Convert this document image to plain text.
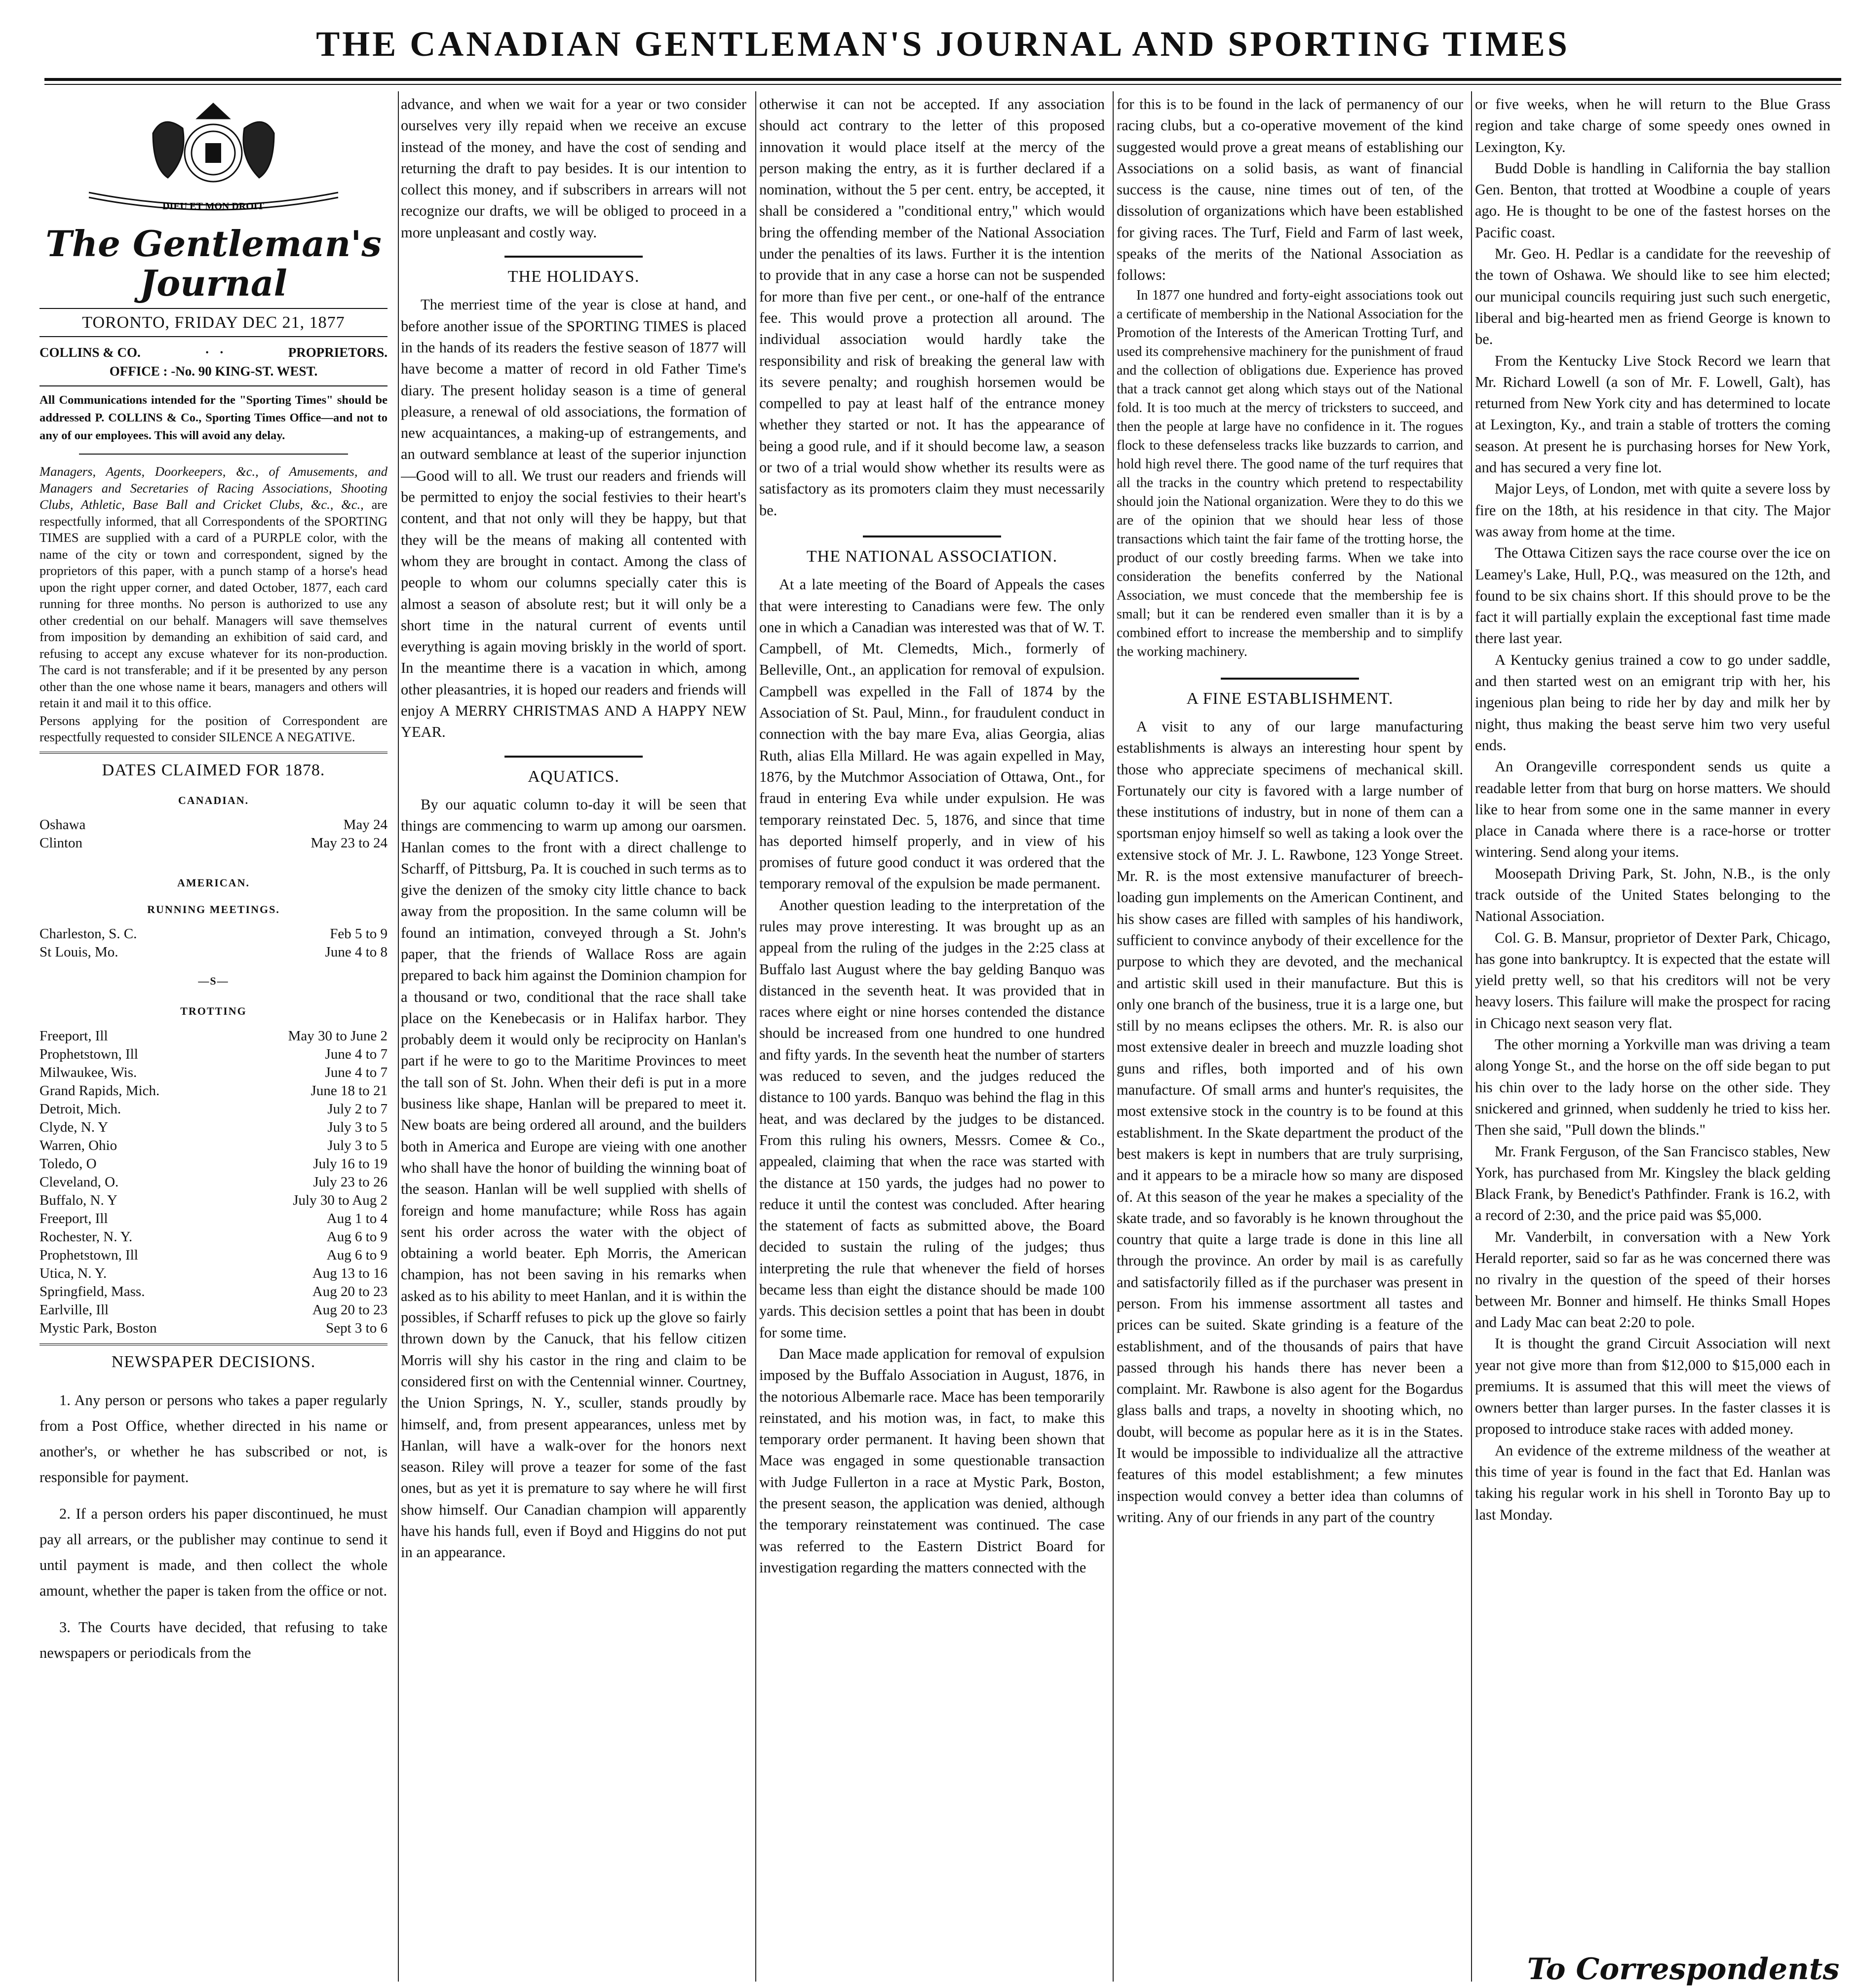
THE CANADIAN GENTLEMAN'S JOURNAL AND SPORTING TIMES
DIEU ET MON DROIT
The Gentleman's Journal
TORONTO, FRIDAY DEC 21, 1877
COLLINS & CO.	·   ·	PROPRIETORS.
OFFICE : -No. 90 KING-ST. WEST.
All Communications intended for the "Sporting Times" should be addressed P. COLLINS & Co., Sporting Times Office—and not to any of our employees. This will avoid any delay.
Managers, Agents, Doorkeepers, &c., of Amusements, and Managers and Secretaries of Racing Associations, Shooting Clubs, Athletic, Base Ball and Cricket Clubs, &c., &c., are respectfully informed, that all Correspondents of the SPORTING TIMES are supplied with a card of a PURPLE color, with the name of the city or town and correspondent, signed by the proprietors of this paper, with a punch stamp of a horse's head upon the right upper corner, and dated October, 1877, each card running for three months. No person is authorized to use any other credential on our behalf. Managers will save themselves from imposition by demanding an exhibition of said card, and refusing to accept any excuse whatever for its non-production. The card is not transferable; and if it be presented by any person other than the one whose name it bears, managers and others will retain it and mail it to this office.
Persons applying for the position of Correspondent are respectfully requested to consider SILENCE A NEGATIVE.
DATES CLAIMED FOR 1878.
CANADIAN.
Oshawa	May 24
Clinton	May 23 to 24
AMERICAN.
RUNNING MEETINGS.
Charleston, S. C.	Feb 5 to 9
St Louis, Mo.	June 4 to 8
—S—
TROTTING
Freeport, Ill	May 30 to June 2
Prophetstown, Ill	June 4 to 7
Milwaukee, Wis.	June 4 to 7
Grand Rapids, Mich.	June 18 to 21
Detroit, Mich.	July 2 to 7
Clyde, N. Y	July 3 to 5
Warren, Ohio	July 3 to 5
Toledo, O	July 16 to 19
Cleveland, O.	July 23 to 26
Buffalo, N. Y	July 30 to Aug 2
Freeport, Ill	Aug 1 to 4
Rochester, N. Y.	Aug 6 to 9
Prophetstown, Ill	Aug 6 to 9
Utica, N. Y.	Aug 13 to 16
Springfield, Mass.	Aug 20 to 23
Earlville, Ill	Aug 20 to 23
Mystic Park, Boston	Sept 3 to 6
NEWSPAPER DECISIONS.

1. Any person or persons who takes a paper regularly from a Post Office, whether directed in his name or another's, or whether he has subscribed or not, is responsible for payment.

2. If a person orders his paper discontinued, he must pay all arrears, or the publisher may continue to send it until payment is made, and then collect the whole amount, whether the paper is taken from the office or not.

3. The Courts have decided, that refusing to take newspapers or periodicals from the

advance, and when we wait for a year or two consider ourselves very illy repaid when we receive an excuse instead of the money, and have the cost of sending and returning the draft to pay besides. It is our intention to collect this money, and if subscribers in arrears will not recognize our drafts, we will be obliged to proceed in a more unpleasant and costly way.

THE HOLIDAYS.

The merriest time of the year is close at hand, and before another issue of the SPORTING TIMES is placed in the hands of its readers the festive season of 1877 will have become a matter of record in old Father Time's diary. The present holiday season is a time of general pleasure, a renewal of old associations, the formation of new acquaintances, a making-up of estrangements, and an outward semblance at least of the superior injunction—Good will to all. We trust our readers and friends will be permitted to enjoy the social festivies to their heart's content, and that not only will they be happy, but that they will be the means of making all contented with whom they are brought in contact. Among the class of people to whom our columns specially cater this is almost a season of absolute rest; but it will only be a short time in the natural current of events until everything is again moving briskly in the world of sport. In the meantime there is a vacation in which, among other pleasantries, it is hoped our readers and friends will enjoy A MERRY CHRISTMAS AND A HAPPY NEW YEAR.

AQUATICS.

By our aquatic column to-day it will be seen that things are commencing to warm up among our oarsmen. Hanlan comes to the front with a direct challenge to Scharff, of Pittsburg, Pa. It is couched in such terms as to give the denizen of the smoky city little chance to back away from the proposition. In the same column will be found an intimation, conveyed through a St. John's paper, that the friends of Wallace Ross are again prepared to back him against the Dominion champion for a thousand or two, conditional that the race shall take place on the Kenebecasis or in Halifax harbor. They probably deem it would only be reciprocity on Hanlan's part if he were to go to the Maritime Provinces to meet the tall son of St. John. When their defi is put in a more business like shape, Hanlan will be prepared to meet it. New boats are being ordered all around, and the builders both in America and Europe are vieing with one another who shall have the honor of building the winning boat of the season. Hanlan will be well supplied with shells of foreign and home manufacture; while Ross has again sent his order across the water with the object of obtaining a world beater. Eph Morris, the American champion, has not been saving in his remarks when asked as to his ability to meet Hanlan, and it is within the possibles, if Scharff refuses to pick up the glove so fairly thrown down by the Canuck, that his fellow citizen Morris will shy his castor in the ring and claim to be considered first on with the Centennial winner. Courtney, the Union Springs, N. Y., sculler, stands proudly by himself, and, from present appearances, unless met by Hanlan, will have a walk-over for the honors next season. Riley will prove a teazer for some of the fast ones, but as yet it is premature to say where he will first show himself. Our Canadian champion will apparently have his hands full, even if Boyd and Higgins do not put in an appearance.

otherwise it can not be accepted. If any association should act contrary to the letter of this proposed innovation it would place itself at the mercy of the person making the entry, as it is further declared if a nomination, without the 5 per cent. entry, be accepted, it shall be considered a "conditional entry," which would bring the offending member of the National Association under the penalties of its laws. Further it is the intention to provide that in any case a horse can not be suspended for more than five per cent., or one-half of the entrance fee. This would prove a protection all around. The individual association would hardly take the responsibility and risk of breaking the general law with its severe penalty; and roughish horsemen would be compelled to pay at least half of the entrance money whether they started or not. It has the appearance of being a good rule, and if it should become law, a season or two of a trial would show whether its results were as satisfactory as its promoters claim they must necessarily be.

THE NATIONAL ASSOCIATION.

At a late meeting of the Board of Appeals the cases that were interesting to Canadians were few. The only one in which a Canadian was interested was that of W. T. Campbell, of Mt. Clemedts, Mich., formerly of Belleville, Ont., an application for removal of expulsion. Campbell was expelled in the Fall of 1874 by the Association of St. Paul, Minn., for fraudulent conduct in connection with the bay mare Eva, alias Georgia, alias Ruth, alias Ella Millard. He was again expelled in May, 1876, by the Mutchmor Association of Ottawa, Ont., for fraud in entering Eva while under expulsion. He was temporary reinstated Dec. 5, 1876, and since that time has deported himself properly, and in view of his promises of future good conduct it was ordered that the temporary removal of the expulsion be made permanent.

Another question leading to the interpretation of the rules may prove interesting. It was brought up as an appeal from the ruling of the judges in the 2:25 class at Buffalo last August where the bay gelding Banquo was distanced in the seventh heat. It was provided that in races where eight or nine horses contended the distance should be increased from one hundred to one hundred and fifty yards. In the seventh heat the number of starters was reduced to seven, and the judges reduced the distance to 100 yards. Banquo was behind the flag in this heat, and was declared by the judges to be distanced. From this ruling his owners, Messrs. Comee & Co., appealed, claiming that when the race was started with the distance at 150 yards, the judges had no power to reduce it until the contest was concluded. After hearing the statement of facts as submitted above, the Board decided to sustain the ruling of the judges; thus interpreting the rule that whenever the field of horses became less than eight the distance should be made 100 yards. This decision settles a point that has been in doubt for some time.

Dan Mace made application for removal of expulsion imposed by the Buffalo Association in August, 1876, in the notorious Albemarle race. Mace has been temporarily reinstated, and his motion was, in fact, to make this temporary order permanent. It having been shown that Mace was engaged in some questionable transaction with Judge Fullerton in a race at Mystic Park, Boston, the present season, the application was denied, although the temporary reinstatement was continued. The case was referred to the Eastern District Board for investigation regarding the matters connected with the

for this is to be found in the lack of permanency of our racing clubs, but a co-operative movement of the kind suggested would prove a great means of establishing our Associations on a solid basis, as want of financial success is the cause, nine times out of ten, of the dissolution of organizations which have been established for giving races. The Turf, Field and Farm of last week, speaks of the merits of the National Association as follows:

In 1877 one hundred and forty-eight associations took out a certificate of membership in the National Association for the Promotion of the Interests of the American Trotting Turf, and used its comprehensive machinery for the punishment of fraud and the collection of obligations due. Experience has proved that a track cannot get along which stays out of the National fold. It is too much at the mercy of tricksters to succeed, and then the people at large have no confidence in it. The rogues flock to these defenseless tracks like buzzards to carrion, and hold high revel there. The good name of the turf requires that all the tracks in the country which pretend to respectability should join the National organization. Were they to do this we are of the opinion that we should hear less of those transactions which taint the fair fame of the trotting horse, the product of our costly breeding farms. When we take into consideration the benefits conferred by the National Association, we must concede that the membership fee is small; but it can be rendered even smaller than it is by a combined effort to increase the membership and to simplify the working machinery.

A FINE ESTABLISHMENT.

A visit to any of our large manufacturing establishments is always an interesting hour spent by those who appreciate specimens of mechanical skill. Fortunately our city is favored with a large number of these institutions of industry, but in none of them can a sportsman enjoy himself so well as taking a look over the extensive stock of Mr. J. L. Rawbone, 123 Yonge Street. Mr. R. is the most extensive manufacturer of breech-loading gun implements on the American Continent, and his show cases are filled with samples of his handiwork, sufficient to convince anybody of their excellence for the purpose to which they are devoted, and the mechanical and artistic skill used in their manufacture. But this is only one branch of the business, true it is a large one, but still by no means eclipses the others. Mr. R. is also our most extensive dealer in breech and muzzle loading shot guns and rifles, both imported and of his own manufacture. Of small arms and hunter's requisites, the most extensive stock in the country is to be found at this establishment. In the Skate department the product of the best makers is kept in numbers that are truly surprising, and it appears to be a miracle how so many are disposed of. At this season of the year he makes a speciality of the skate trade, and so favorably is he known throughout the country that quite a large trade is done in this line all through the province. An order by mail is as carefully and satisfactorily filled as if the purchaser was present in person. From his immense assortment all tastes and prices can be suited. Skate grinding is a feature of the establishment, and of the thousands of pairs that have passed through his hands there has never been a complaint. Mr. Rawbone is also agent for the Bogardus glass balls and traps, a novelty in shooting which, no doubt, will become as popular here as it is in the States. It would be impossible to individualize all the attractive features of this model establishment; a few minutes inspection would convey a better idea than columns of writing. Any of our friends in any part of the country

or five weeks, when he will return to the Blue Grass region and take charge of some speedy ones owned in Lexington, Ky.

Budd Doble is handling in California the bay stallion Gen. Benton, that trotted at Woodbine a couple of years ago. He is thought to be one of the fastest horses on the Pacific coast.

Mr. Geo. H. Pedlar is a candidate for the reeveship of the town of Oshawa. We should like to see him elected; our municipal councils requiring just such such energetic, liberal and big-hearted men as friend George is known to be.

From the Kentucky Live Stock Record we learn that Mr. Richard Lowell (a son of Mr. F. Lowell, Galt), has returned from New York city and has determined to locate at Lexington, Ky., and train a stable of trotters the coming season. At present he is purchasing horses for New York, and has secured a very fine lot.

Major Leys, of London, met with quite a severe loss by fire on the 18th, at his residence in that city. The Major was away from home at the time.

The Ottawa Citizen says the race course over the ice on Leamey's Lake, Hull, P.Q., was measured on the 12th, and found to be six chains short. If this should prove to be the fact it will partially explain the exceptional fast time made there last year.

A Kentucky genius trained a cow to go under saddle, and then started west on an emigrant trip with her, his ingenious plan being to ride her by day and milk her by night, thus making the beast serve him two very useful ends.

An Orangeville correspondent sends us quite a readable letter from that burg on horse matters. We should like to hear from some one in the same manner in every place in Canada where there is a race-horse or trotter wintering. Send along your items.

Moosepath Driving Park, St. John, N.B., is the only track outside of the United States belonging to the National Association.

Col. G. B. Mansur, proprietor of Dexter Park, Chicago, has gone into bankruptcy. It is expected that the estate will yield pretty well, so that his creditors will not be very heavy losers. This failure will make the prospect for racing in Chicago next season very flat.

The other morning a Yorkville man was driving a team along Yonge St., and the horse on the off side began to put his chin over to the lady horse on the other side. They snickered and grinned, when suddenly he tried to kiss her. Then she said, "Pull down the blinds."

Mr. Frank Ferguson, of the San Francisco stables, New York, has purchased from Mr. Kingsley the black gelding Black Frank, by Benedict's Pathfinder. Frank is 16.2, with a record of 2:30, and the price paid was $5,000.

Mr. Vanderbilt, in conversation with a New York Herald reporter, said so far as he was concerned there was no rivalry in the question of the speed of their horses between Mr. Bonner and himself. He thinks Small Hopes and Lady Mac can beat 2:20 to pole.

It is thought the grand Circuit Association will next year not give more than from $12,000 to $15,000 each in premiums. It is assumed that this will meet the views of owners better than larger purses. In the faster classes it is proposed to introduce stake races with added money.

An evidence of the extreme mildness of the weather at this time of year is found in the fact that Ed. Hanlan was taking his regular work in his shell in Toronto Bay up to last Monday.

To Correspondents
